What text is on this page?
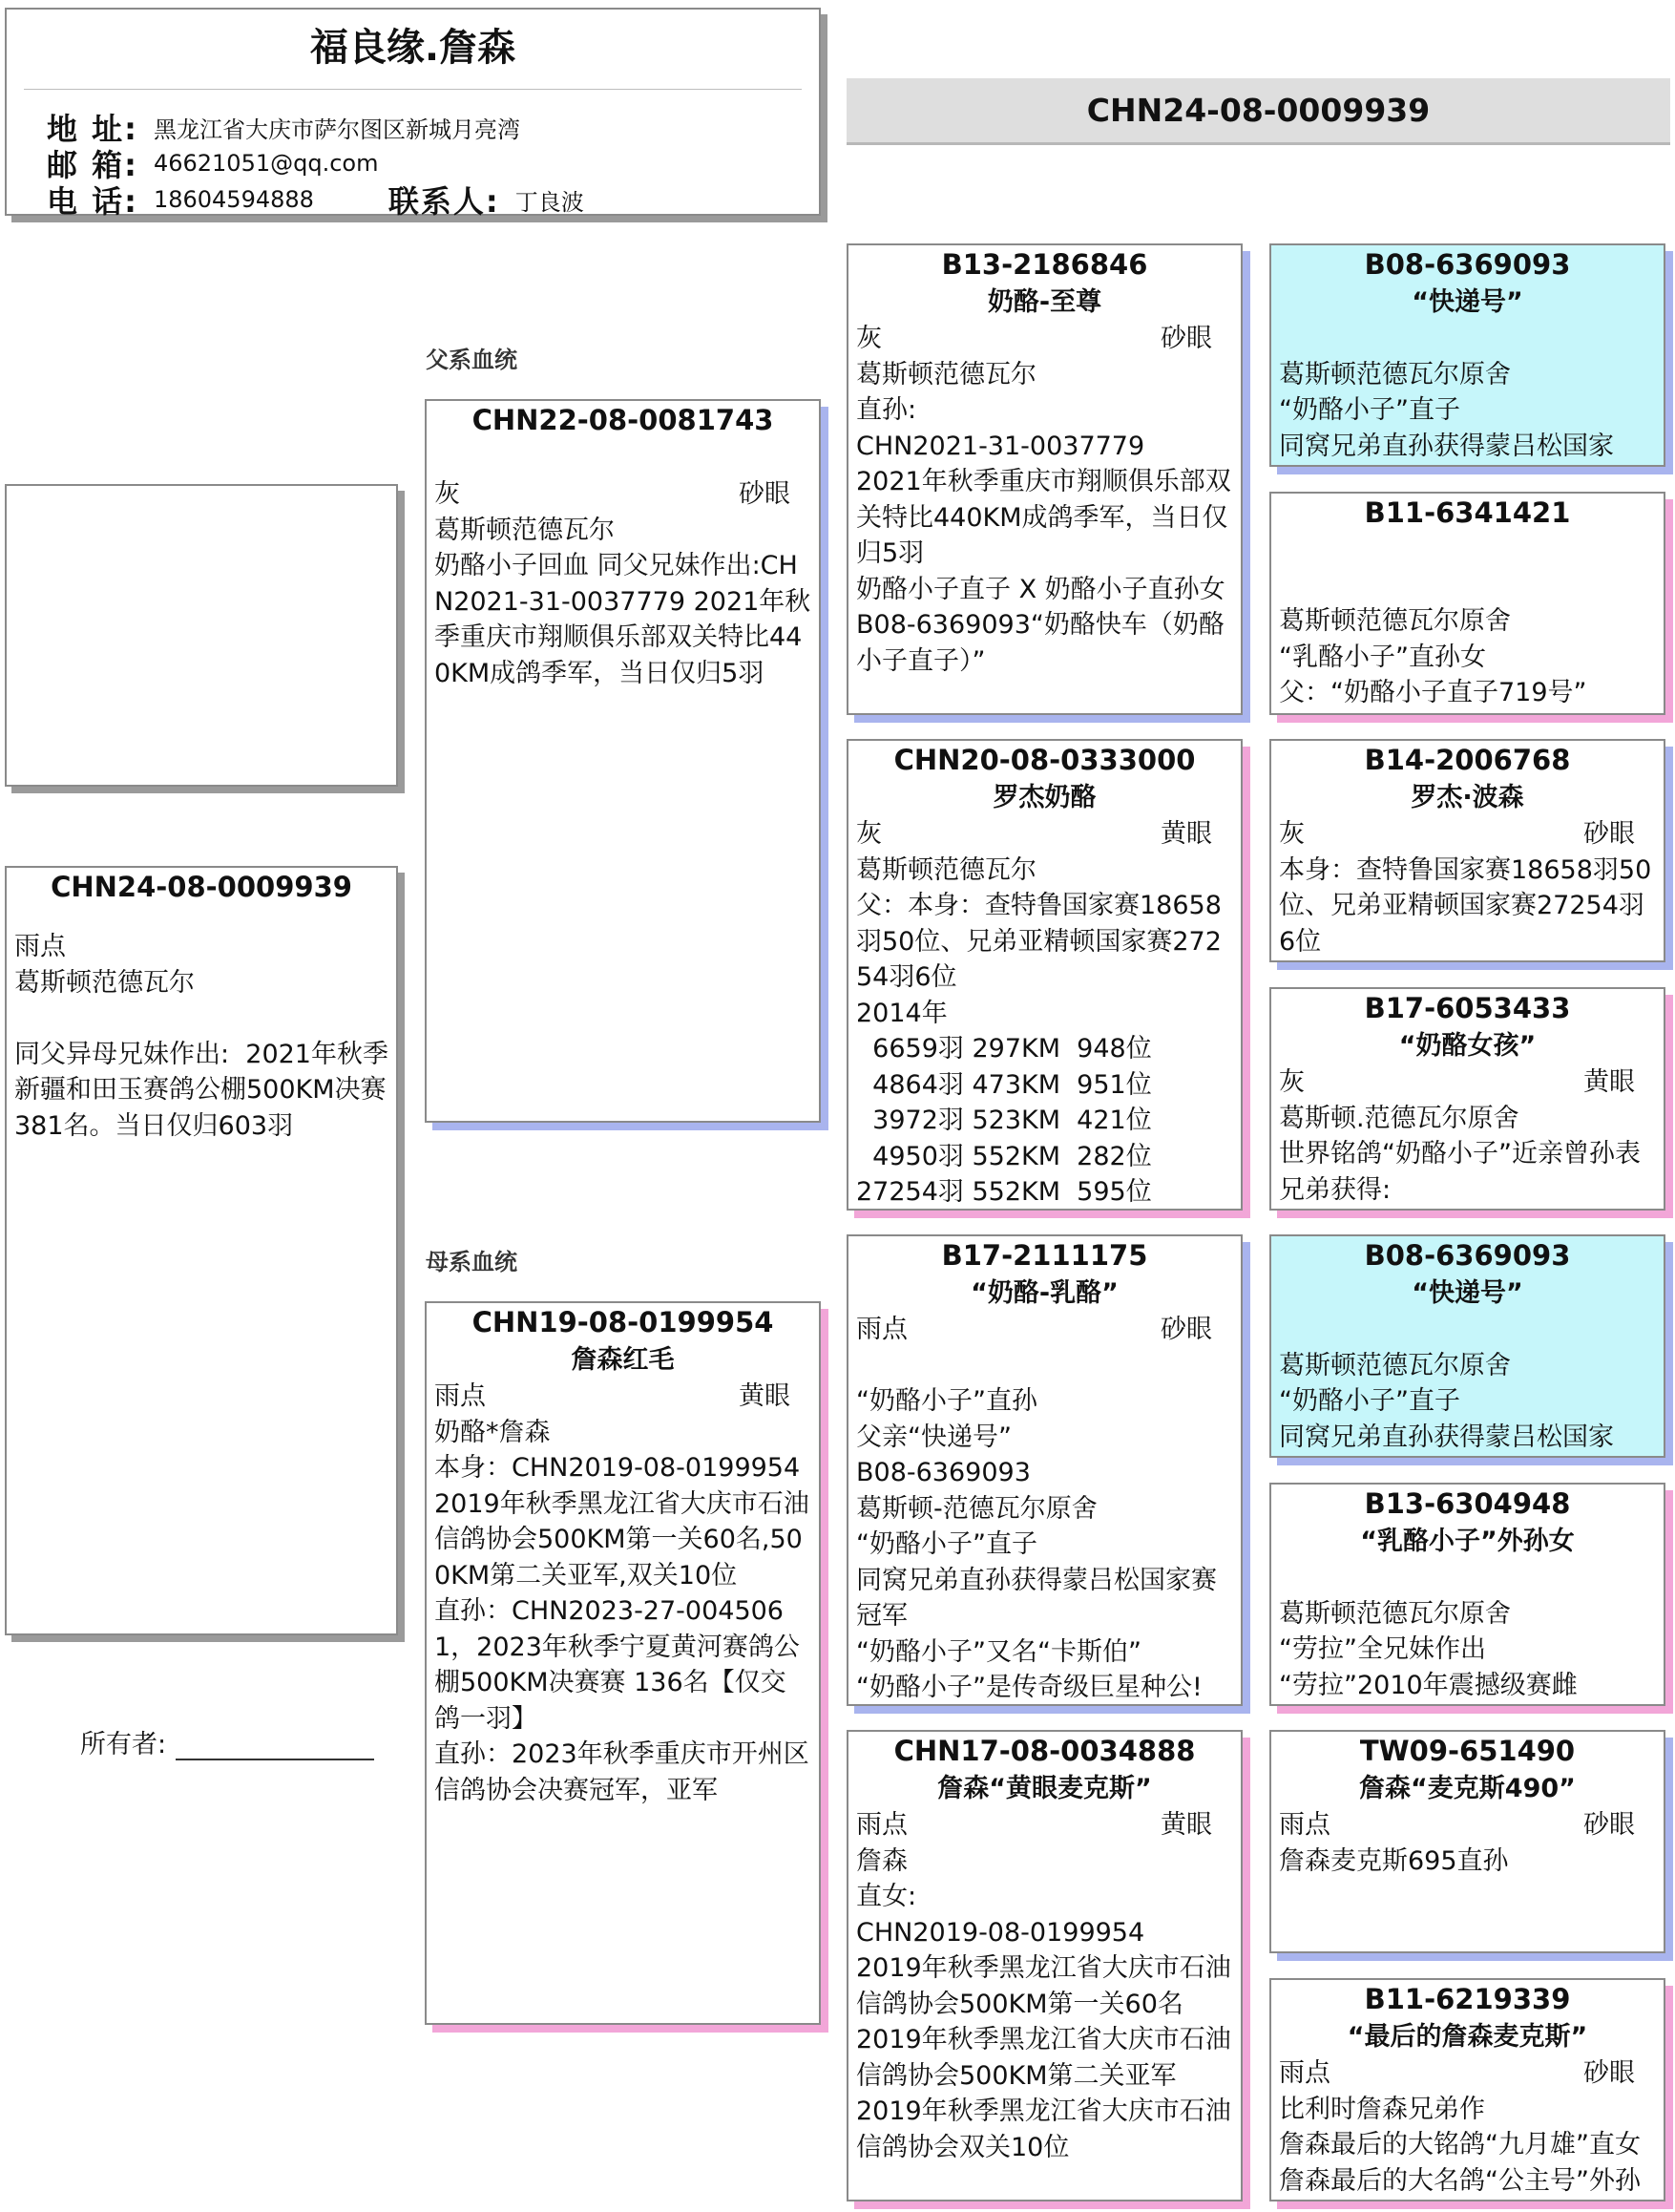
福良缘.詹森
地 址: 黑龙江省大庆市萨尔图区新城月亮湾
邮 箱: 46621051@qq.com
电 话: 18604594888 联系人: 丁良波
CHN24-08-0009939
CHN24-08-0009939
雨点
葛斯顿范德瓦尔
同父异母兄妹作出:  2021年秋季新疆和田玉赛鸽公棚500KM决赛381名。当日仅归603羽
父系血统
母系血统
所有者:
CHN22-08-0081743
灰	砂眼
葛斯顿范德瓦尔
奶酪小子回血 同父兄妹作出:CHN2021-31-0037779 2021年秋季重庆市翔顺俱乐部双关特比440KM成鸽季军，当日仅归5羽
CHN19-08-0199954
詹森红毛
雨点	黄眼
奶酪*詹森
本身：CHN2019-08-0199954 2019年秋季黑龙江省大庆市石油信鸽协会500KM第一关60名,500KM第二关亚军,双关10位
直孙：CHN2023-27-0045061，2023年秋季宁夏黄河赛鸽公棚500KM决赛赛 136名【仅交鸽一羽】
直孙：2023年秋季重庆市开州区信鸽协会决赛冠军，亚军
B13-2186846
奶酪-至尊
灰	砂眼
葛斯顿范德瓦尔
直孙:
CHN2021-31-0037779
2021年秋季重庆市翔顺俱乐部双关特比440KM成鸽季军，当日仅归5羽
奶酪小子直子 X 奶酪小子直孙女
B08-6369093“奶酪快车（奶酪小子直子）”
CHN20-08-0333000
罗杰奶酪
灰	黄眼
葛斯顿范德瓦尔
父：本身：查特鲁国家赛18658羽50位、兄弟亚精顿国家赛27254羽6位
2014年
6659羽 297KM  948位
4864羽 473KM  951位
3972羽 523KM  421位
4950羽 552KM  282位
27254羽 552KM  595位
B17-2111175
“奶酪-乳酪”
雨点	砂眼
“奶酪小子”直孙
父亲“快递号”
B08-6369093
葛斯顿-范德瓦尔原舍
“奶酪小子”直子
同窝兄弟直孙获得蒙吕松国家赛冠军
“奶酪小子”又名“卡斯伯”
“奶酪小子”是传奇级巨星种公!
CHN17-08-0034888
詹森“黄眼麦克斯”
雨点	黄眼
詹森
直女:
CHN2019-08-0199954
2019年秋季黑龙江省大庆市石油信鸽协会500KM第一关60名
2019年秋季黑龙江省大庆市石油信鸽协会500KM第二关亚军
2019年秋季黑龙江省大庆市石油信鸽协会双关10位
B08-6369093
“快递号”
葛斯顿范德瓦尔原舍
“奶酪小子”直子
同窝兄弟直孙获得蒙吕松国家
B11-6341421
葛斯顿范德瓦尔原舍
“乳酪小子”直孙女
父：“奶酪小子直子719号”
B14-2006768
罗杰·波森
灰	砂眼
本身：查特鲁国家赛18658羽50位、兄弟亚精顿国家赛27254羽6位
B17-6053433
“奶酪女孩”
灰	黄眼
葛斯顿.范德瓦尔原舍
世界铭鸽“奶酪小子”近亲曾孙表兄弟获得:
B08-6369093
“快递号”
葛斯顿范德瓦尔原舍
“奶酪小子”直子
同窝兄弟直孙获得蒙吕松国家
B13-6304948
“乳酪小子”外孙女
葛斯顿范德瓦尔原舍
“劳拉”全兄妹作出
“劳拉”2010年震撼级赛雌
TW09-651490
詹森“麦克斯490”
雨点	砂眼
詹森麦克斯695直孙
B11-6219339
“最后的詹森麦克斯”
雨点	砂眼
比利时詹森兄弟作
詹森最后的大铭鸽“九月雄”直女
詹森最后的大名鸽“公主号”外孙
